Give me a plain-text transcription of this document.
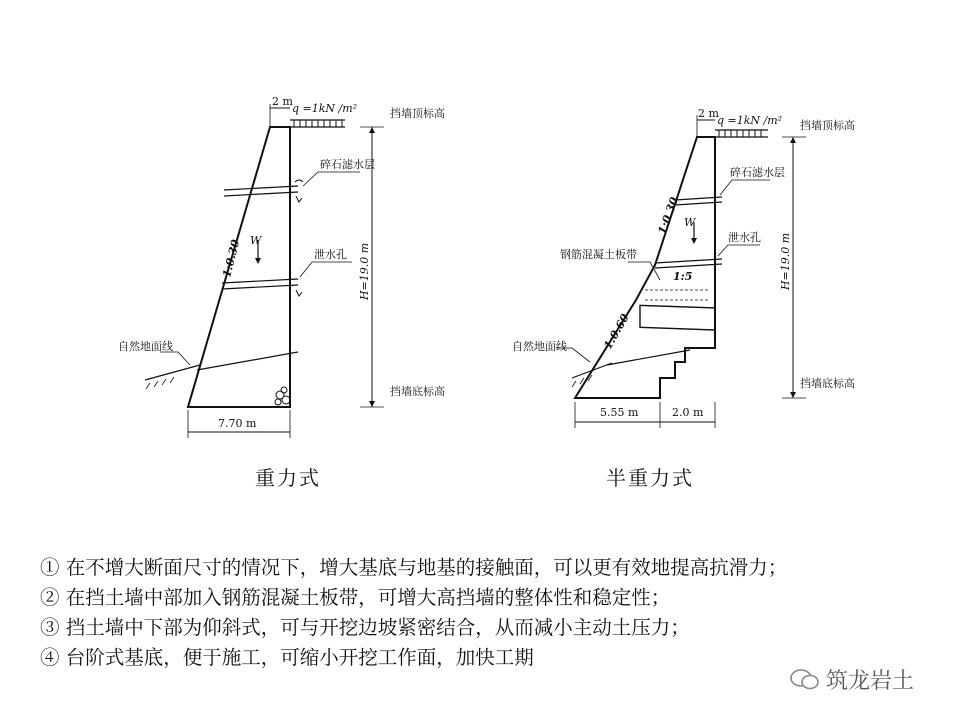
2 m
q =1kN /m²	挡墙顶标高
碎石滤水层
泄水孔
W
1:0.30	H=19.0 m
自然地面线
挡墙底标高
7.70 m
2 m
q =1kN /m² 挡墙顶标高
碎石滤水层
泄水孔
W
1:0.30
1:0.60
钢筋混凝土板带
1:5	H=19.0 m
自然地面线
挡墙底标高
5.55 m	2.0 m
重力式	半重力式
① 在不增大断面尺寸的情况下，增大基底与地基的接触面，可以更有效地提高抗滑力；
② 在挡土墙中部加入钢筋混凝土板带，可增大高挡墙的整体性和稳定性；
③ 挡土墙中下部为仰斜式，可与开挖边坡紧密结合，从而减小主动土压力；
④ 台阶式基底，便于施工，可缩小开挖工作面，加快工期
筑龙岩土
